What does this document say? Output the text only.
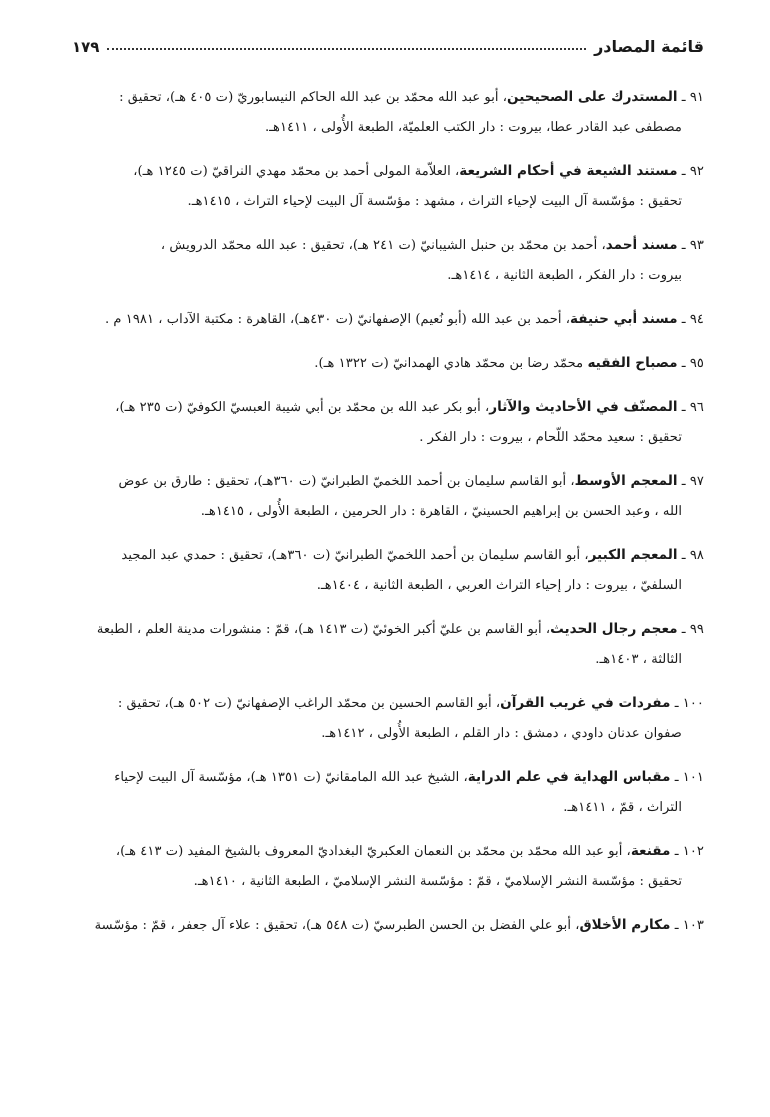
قائمة المصادر
١٧٩
٩١ ـ المستدرك على الصحيحين، أبو عبد الله محمّد بن عبد الله الحاكم النيسابوريّ (ت ٤٠٥ هـ)، تحقيق :
مصطفى عبد القادر عطا، بيروت : دار الكتب العلميّة، الطبعة الأُولى ، ١٤١١هـ.
٩٢ ـ مستند الشيعة في أحكام الشريعة، العلاّمة المولى أحمد بن محمّد مهدي النراقيّ (ت ١٢٤٥ هـ)،
تحقيق : مؤسّسة آل البيت لإحياء التراث ، مشهد : مؤسّسة آل البيت لإحياء التراث ، ١٤١٥هـ.
٩٣ ـ مسند أحمد، أحمد بن محمّد بن حنبل الشيبانيّ (ت ٢٤١ هـ)، تحقيق : عبد الله محمّد الدرويش ،
بيروت : دار الفكر ، الطبعة الثانية ، ١٤١٤هـ.
٩٤ ـ مسند أبي حنيفة، أحمد بن عبد الله (أبو نُعيم) الإصفهانيّ (ت ٤٣٠هـ)، القاهرة : مكتبة الآداب ، ١٩٨١ م .
٩٥ ـ مصباح الفقيه محمّد رضا بن محمّد هادي الهمدانيّ (ت ١٣٢٢ هـ).
٩٦ ـ المصنّف في الأحاديث والآثار، أبو بكر عبد الله بن محمّد بن أبي شيبة العبسيّ الكوفيّ (ت ٢٣٥ هـ)،
تحقيق : سعيد محمّد اللّحام ، بيروت : دار الفكر .
٩٧ ـ المعجم الأوسط، أبو القاسم سليمان بن أحمد اللخميّ الطبرانيّ (ت ٣٦٠هـ)، تحقيق : طارق بن عوض
الله ، وعبد الحسن بن إبراهيم الحسينيّ ، القاهرة : دار الحرمين ، الطبعة الأُولى ، ١٤١٥هـ.
٩٨ ـ المعجم الكبير، أبو القاسم سليمان بن أحمد اللخميّ الطبرانيّ (ت ٣٦٠هـ)، تحقيق : حمدي عبد المجيد
السلفيّ ، بيروت : دار إحياء التراث العربي ، الطبعة الثانية ، ١٤٠٤هـ.
٩٩ ـ معجم رجال الحديث، أبو القاسم بن عليّ أكبر الخوئيّ (ت ١٤١٣ هـ)، قمّ : منشورات مدينة العلم ، الطبعة
الثالثة ، ١٤٠٣هـ.
١٠٠ ـ مفردات في غريب القرآن، أبو القاسم الحسين بن محمّد الراغب الإصفهانيّ (ت ٥٠٢ هـ)، تحقيق :
صفوان عدنان داودي ، دمشق : دار القلم ، الطبعة الأُولى ، ١٤١٢هـ.
١٠١ ـ مقباس الهداية في علم الدراية، الشيخ عبد الله المامقانيّ (ت ١٣٥١ هـ)، مؤسّسة آل البيت لإحياء
التراث ، قمّ ، ١٤١١هـ.
١٠٢ ـ مقنعة، أبو عبد الله محمّد بن محمّد بن النعمان العكبريّ البغداديّ المعروف بالشيخ المفيد (ت ٤١٣ هـ)،
تحقيق : مؤسّسة النشر الإسلاميّ ، قمّ : مؤسّسة النشر الإسلاميّ ، الطبعة الثانية ، ١٤١٠هـ.
١٠٣ ـ مكارم الأخلاق، أبو علي الفضل بن الحسن الطبرسيّ (ت ٥٤٨ هـ)، تحقيق : علاء آل جعفر ، قمّ : مؤسّسة
